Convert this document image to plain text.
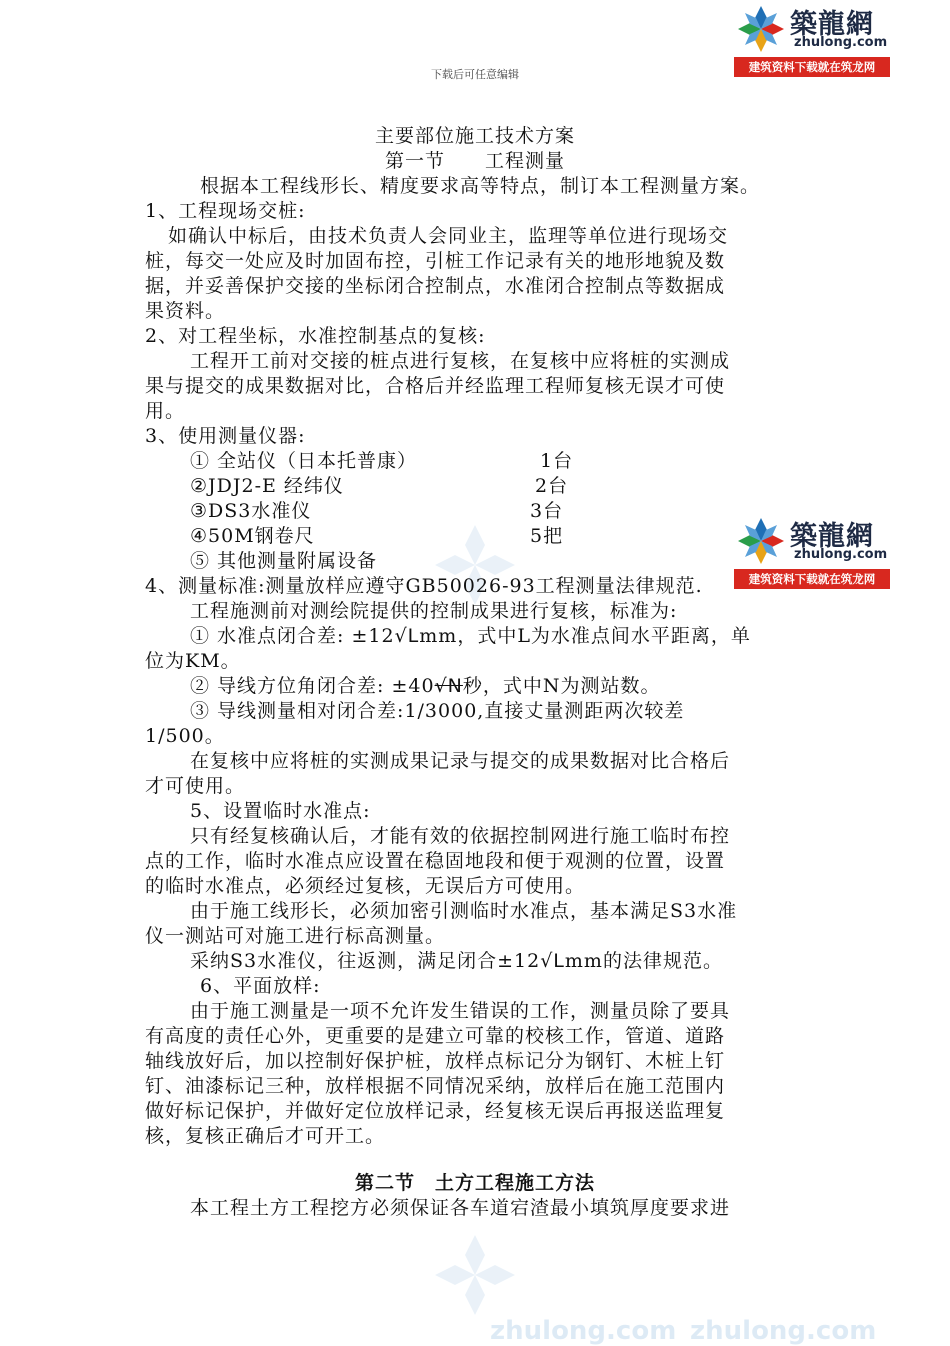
zhulong.com zhulong.com
下载后可任意编辑
築龍網
zhulong.com
建筑资料下载就在筑龙网
築龍網
zhulong.com
建筑资料下载就在筑龙网
主要部位施工技术方案
第一节　　工程测量
根据本工程线形长、精度要求高等特点，制订本工程测量方案。
1、工程现场交桩:
如确认中标后，由技术负责人会同业主，监理等单位进行现场交
桩，每交一处应及时加固布控，引桩工作记录有关的地形地貌及数
据，并妥善保护交接的坐标闭合控制点，水准闭合控制点等数据成
果资料。
2、对工程坐标，水准控制基点的复核:
工程开工前对交接的桩点进行复核，在复核中应将桩的实测成
果与提交的成果数据对比，合格后并经监理工程师复核无误才可使
用。
3、使用测量仪器:
① 全站仪（日本托普康）	1台
②JDJ2-E 经纬仪	2台
③DS3水准仪	3台
④50M钢卷尺	5把
⑤ 其他测量附属设备
4、测量标准:测量放样应遵守GB50026-93工程测量法律规范.
工程施测前对测绘院提供的控制成果进行复核，标准为:
① 水准点闭合差: ±12√Lmm，式中L为水准点间水平距离，单
位为KM。
② 导线方位角闭合差: ±40√N秒，式中N为测站数。
③ 导线测量相对闭合差:1/3000,直接丈量测距两次较差
1/500。
在复核中应将桩的实测成果记录与提交的成果数据对比合格后
才可使用。
5、设置临时水准点:
只有经复核确认后，才能有效的依据控制网进行施工临时布控
点的工作，临时水准点应设置在稳固地段和便于观测的位置，设置
的临时水准点，必须经过复核，无误后方可使用。
由于施工线形长，必须加密引测临时水准点，基本满足S3水准
仪一测站可对施工进行标高测量。
采纳S3水准仪，往返测，满足闭合±12√Lmm的法律规范。
6、平面放样:
由于施工测量是一项不允许发生错误的工作，测量员除了要具
有高度的责任心外，更重要的是建立可靠的校核工作，管道、道路
轴线放好后，加以控制好保护桩，放样点标记分为钢钉、木桩上钉
钉、油漆标记三种，放样根据不同情况采纳，放样后在施工范围内
做好标记保护，并做好定位放样记录，经复核无误后再报送监理复
核，复核正确后才可开工。
第二节　土方工程施工方法
本工程土方工程挖方必须保证各车道宕渣最小填筑厚度要求进
